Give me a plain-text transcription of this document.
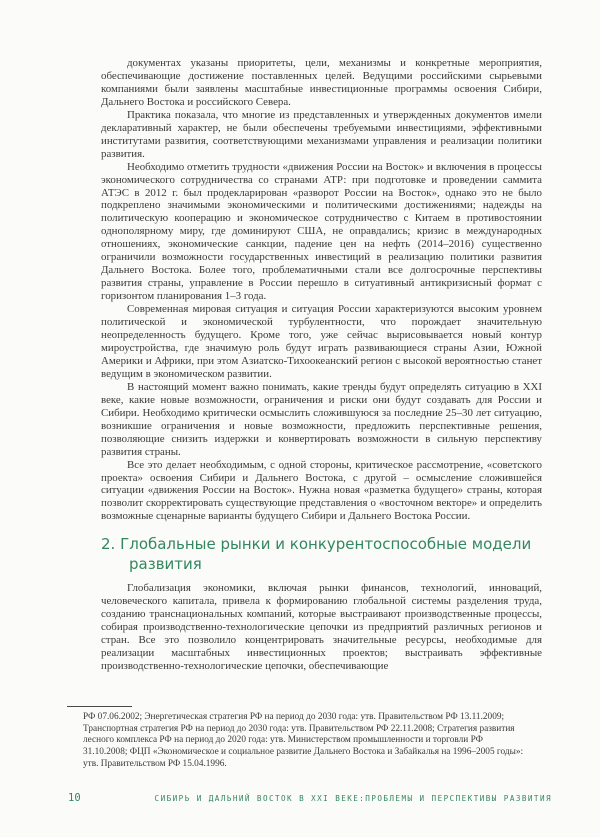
документах указаны приоритеты, цели, механизмы и конкретные мероприятия, обеспечивающие достижение поставленных целей. Ведущими российскими сырьевыми компаниями были заявлены масштабные инвестиционные программы освоения Сибири, Дальнего Востока и российского Севера.

Практика показала, что многие из представленных и утвержденных документов имели декларативный характер, не были обеспечены требуемыми инвестициями, эффективными институтами развития, соответствующими механизмами управления и реализации политики развития.

Необходимо отметить трудности «движения России на Восток» и включения в процессы экономического сотрудничества со странами АТР: при подготовке и проведении саммита АТЭС в 2012 г. был продекларирован «разворот России на Восток», однако это не было подкреплено значимыми экономическими и политическими достижениями; надежды на политическую кооперацию и экономическое сотрудничество с Китаем в противостоянии однополярному миру, где доминируют США, не оправдались; кризис в международных отношениях, экономические санкции, падение цен на нефть (2014–2016) существенно ограничили возможности государственных инвестиций в реализацию политики развития Дальнего Востока. Более того, проблематичными стали все долгосрочные перспективы развития страны, управление в России перешло в ситуативный антикризисный формат с горизонтом планирования 1–3 года.

Современная мировая ситуация и ситуация России характеризуются высоким уровнем политической и экономической турбулентности, что порождает значительную неопределенность будущего. Кроме того, уже сейчас вырисовывается новый контур мироустройства, где значимую роль будут играть развивающиеся страны Азии, Южной Америки и Африки, при этом Азиатско-Тихоокеанский регион с высокой вероятностью станет ведущим в экономическом развитии.

В настоящий момент важно понимать, какие тренды будут определять ситуацию в XXI веке, какие новые возможности, ограничения и риски они будут создавать для России и Сибири. Необходимо критически осмыслить сложившуюся за последние 25–30 лет ситуацию, возникшие ограничения и новые возможности, предложить перспективные решения, позволяющие снизить издержки и конвертировать возможности в сильную перспективу развития страны.

Все это делает необходимым, с одной стороны, критическое рассмотрение, «советского проекта» освоения Сибири и Дальнего Востока, с другой – осмысление сложившейся ситуации «движения России на Восток». Нужна новая «разметка будущего» страны, которая позволит скорректировать существующие представления о «восточном векторе» и определить возможные сценарные варианты будущего Сибири и Дальнего Востока России.

2. Глобальные рынки и конкурентоспособные модели развития

Глобализация экономики, включая рынки финансов, технологий, инноваций, человеческого капитала, привела к формированию глобальной системы разделения труда, созданию транснациональных компаний, которые выстраивают производственные процессы, собирая производственно-технологические цепочки из предприятий различных регионов и стран. Все это позволило концентрировать значительные ресурсы, необходимые для реализации масштабных инвестиционных проектов; выстраивать эффективные производственно-технологические цепочки, обеспечивающие

РФ 07.06.2002; Энергетическая стратегия РФ на период до 2030 года: утв. Правительством РФ 13.11.2009;
Транспортная стратегия РФ на период до 2030 года: утв. Правительством РФ 22.11.2008; Стратегия развития
лесного комплекса РФ на период до 2020 года: утв. Министерством промышленности и торговли РФ
31.10.2008; ФЦП «Экономическое и социальное развитие Дальнего Востока и Забайкалья на 1996–2005 годы»:
утв. Правительством РФ 15.04.1996.
10	СИБИРЬ И ДАЛЬНИЙ ВОСТОК В XXI ВЕКЕ:ПРОБЛЕМЫ И ПЕРСПЕКТИВЫ РАЗВИТИЯ
